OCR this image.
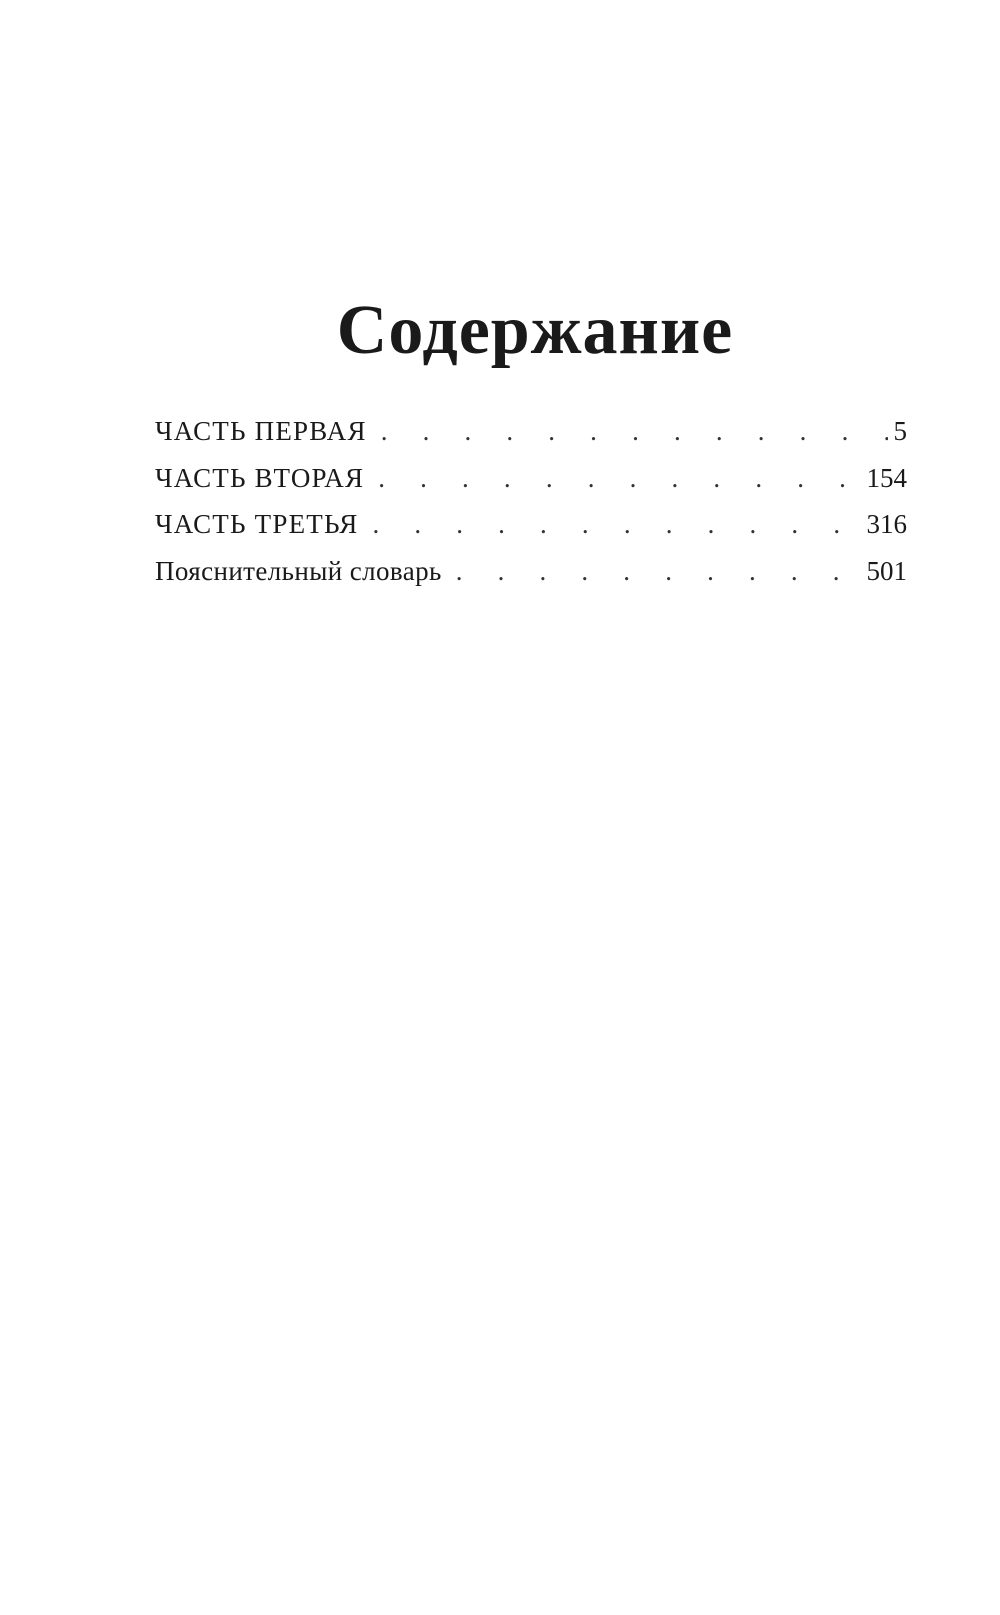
Содержание
ЧАСТЬ ПЕРВАЯ . . .	5
ЧАСТЬ ВТОРАЯ . . .	154
ЧАСТЬ ТРЕТЬЯ . . .	316
Пояснительный словарь . . .	501
